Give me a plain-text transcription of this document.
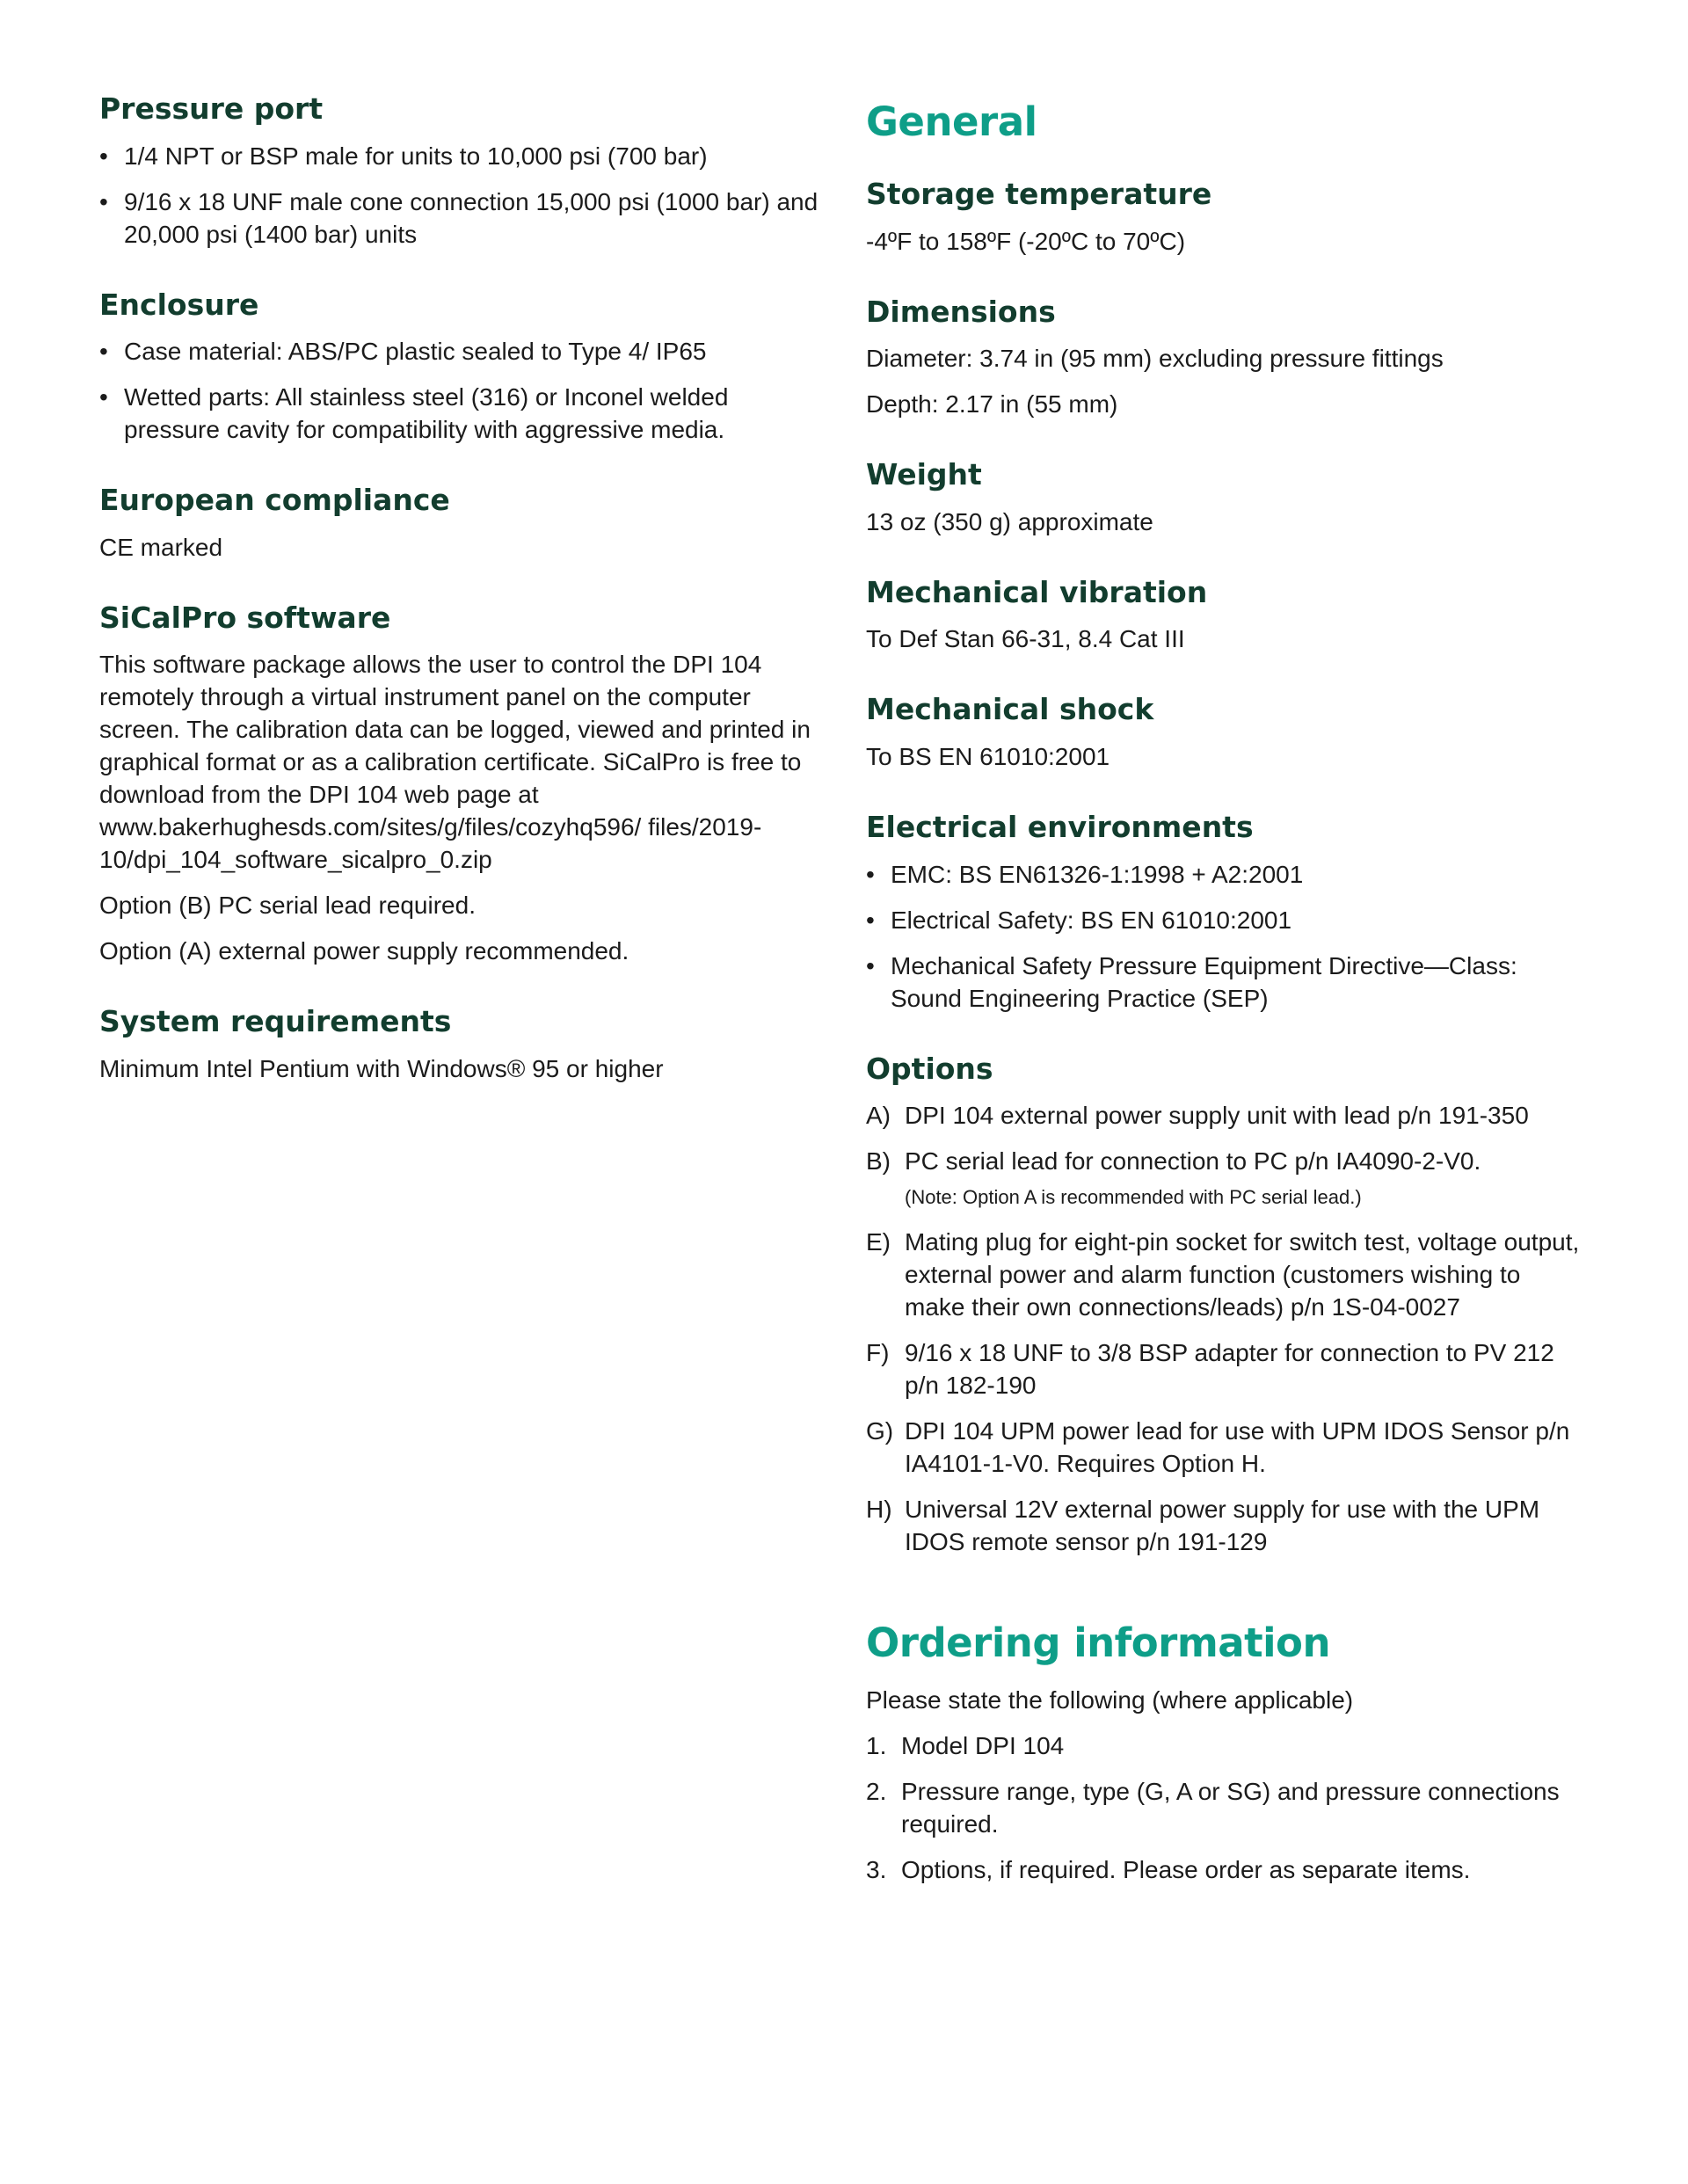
Pressure port
• 1/4 NPT or BSP male for units to 10,000 psi (700 bar)
• 9/16 x 18 UNF male cone connection 15,000 psi (1000 bar) and 20,000 psi (1400 bar) units
Enclosure
• Case material: ABS/PC plastic sealed to Type 4/ IP65
• Wetted parts: All stainless steel (316) or Inconel welded pressure cavity for compatibility with aggressive media.
European compliance

CE marked

SiCalPro software

This software package allows the user to control the DPI 104 remotely through a virtual instrument panel on the computer screen. The calibration data can be logged, viewed and printed in graphical format or as a calibration certificate. SiCalPro is free to download from the DPI 104 web page at www.bakerhughesds.com/sites/g/files/cozyhq596/ files/2019-10/dpi_104_software_sicalpro_0.zip

Option (B) PC serial lead required.

Option (A) external power supply recommended.

System requirements

Minimum Intel Pentium with Windows® 95 or higher

General
Storage temperature

-4ºF to 158ºF (-20ºC to 70ºC)

Dimensions

Diameter: 3.74 in (95 mm) excluding pressure fittings

Depth: 2.17 in (55 mm)

Weight

13 oz (350 g) approximate

Mechanical vibration

To Def Stan 66-31, 8.4 Cat III

Mechanical shock

To BS EN 61010:2001

Electrical environments
• EMC: BS EN61326-1:1998 + A2:2001
• Electrical Safety: BS EN 61010:2001
• Mechanical Safety Pressure Equipment Directive—Class: Sound Engineering Practice (SEP)
Options
A) DPI 104 external power supply unit with lead p/n 191-350
B) PC serial lead for connection to PC p/n IA4090-2-V0.
(Note: Option A is recommended with PC serial lead.)
E) Mating plug for eight-pin socket for switch test, voltage output, external power and alarm function (customers wishing to make their own connections/leads) p/n 1S-04-0027
F) 9/16 x 18 UNF to 3/8 BSP adapter for connection to PV 212 p/n 182-190
G) DPI 104 UPM power lead for use with UPM IDOS Sensor p/n IA4101-1-V0. Requires Option H.
H) Universal 12V external power supply for use with the UPM IDOS remote sensor p/n 191-129
Ordering information

Please state the following (where applicable)

1. Model DPI 104
2. Pressure range, type (G, A or SG) and pressure connections required.
3. Options, if required. Please order as separate items.
